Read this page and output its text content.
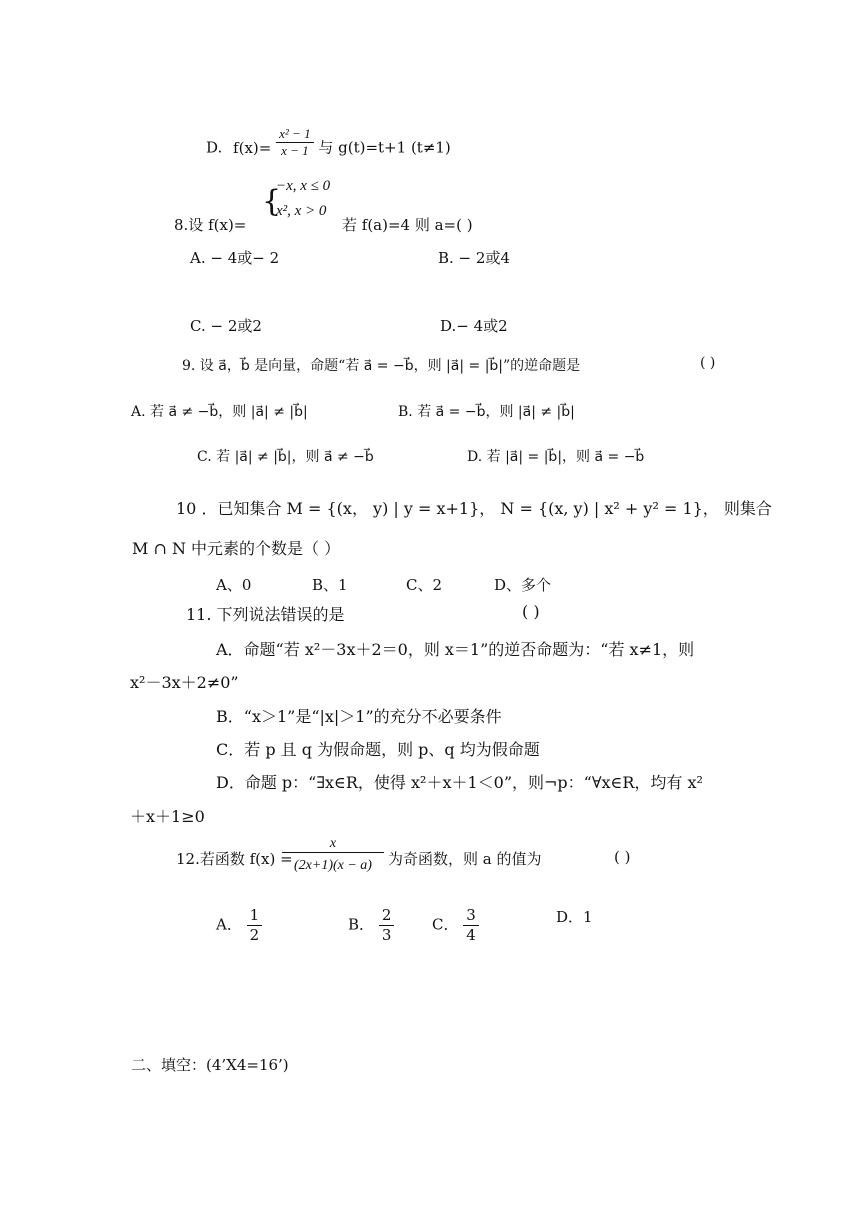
D. $f(x)= \frac{\text{x² − 1}}{x - 1}$ 与 g(t)=t+1 (t≠1)
{
−x, x ≤ 0
x², x > 0
8.设 f(x)=	若 f(a)=4 则 a=( )
A. − 4或− 2	B. − 2或4
C. − 2或2	D.− 4或2
9. 设 a⃗，b⃗ 是向量，命题“若 a⃗ = −b⃗，则 |a⃗| = |b⃗|”的逆命题是	( )
A. 若 a⃗ ≠ −b⃗，则 |a⃗| ≠ |b⃗|	B. 若 a⃗ = −b⃗，则 |a⃗| ≠ |b⃗|
C. 若 |a⃗| ≠ |b⃗|，则 a⃗ ≠ −b⃗	D. 若 |a⃗| = |b⃗|，则 a⃗ = −b⃗
10 ．已知集合 M = {(x， y) | y = x+1}， N = {(x, y) | x² + y² = 1}， 则集合
M ∩ N 中元素的个数是（ ）
A、0	B、1	C、2	D、多个
11. 下列说法错误的是	( )
A．命题“若 x²－3x＋2＝0，则 x＝1”的逆否命题为：“若 x≠1，则
x²－3x＋2≠0”
B．“x＞1”是“|x|＞1”的充分不必要条件
C．若 p 且 q 为假命题，则 p、q 均为假命题
D．命题 p：“∃x∈R，使得 x²＋x＋1＜0”，则¬p：“∀x∈R，均有 x²
＋x＋1≥0
12.若函数 f(x) =
x
(2x+1)(x − a)	为奇函数，则 a 的值为	( )
A． $\frac{1}{2}$	B． $\frac{2}{3}$	C． $\frac{3}{4}$	D．1
二、填空：(4’X4=16’)
